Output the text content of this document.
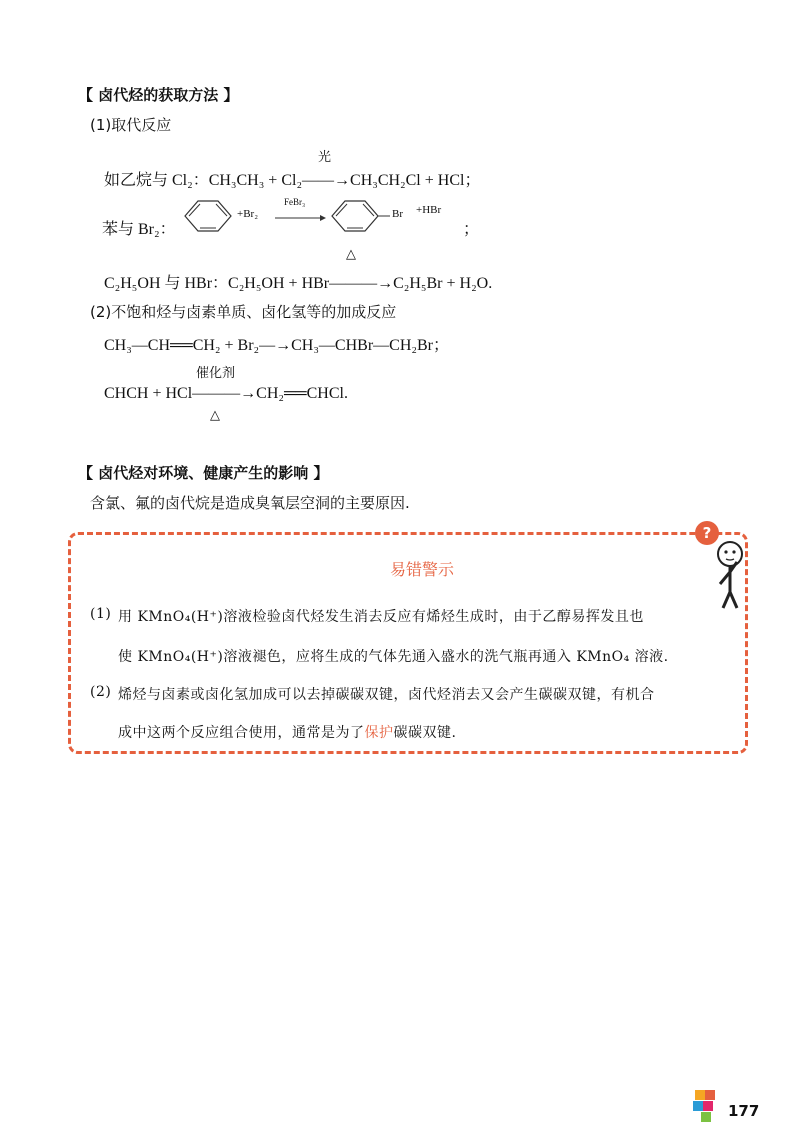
【 卤代烃的获取方法 】
(1)取代反应
光
如乙烷与 Cl₂：CH₃CH₃ + Cl₂——→CH₃CH₂Cl + HCl；
苯与 Br₂：
+Br₂
FeBr₃
Br +HBr
；
△
C₂H₅OH 与 HBr：C₂H₅OH + HBr———→C₂H₅Br + H₂O.
(2)不饱和烃与卤素单质、卤化氢等的加成反应
CH₃—CH══CH₂ + Br₂—→CH₃—CHBr—CH₂Br；
催化剂
CHCH + HCl———→CH₂══CHCl.
△
【 卤代烃对环境、健康产生的影响 】
含氯、氟的卤代烷是造成臭氧层空洞的主要原因.
?
易错警示
(1) 用 KMnO₄(H⁺)溶液检验卤代烃发生消去反应有烯烃生成时，由于乙醇易挥发且也
使 KMnO₄(H⁺)溶液褪色，应将生成的气体先通入盛水的洗气瓶再通入 KMnO₄ 溶液.
(2) 烯烃与卤素或卤化氢加成可以去掉碳碳双键，卤代烃消去又会产生碳碳双键，有机合
成中这两个反应组合使用，通常是为了保护碳碳双键.
177
